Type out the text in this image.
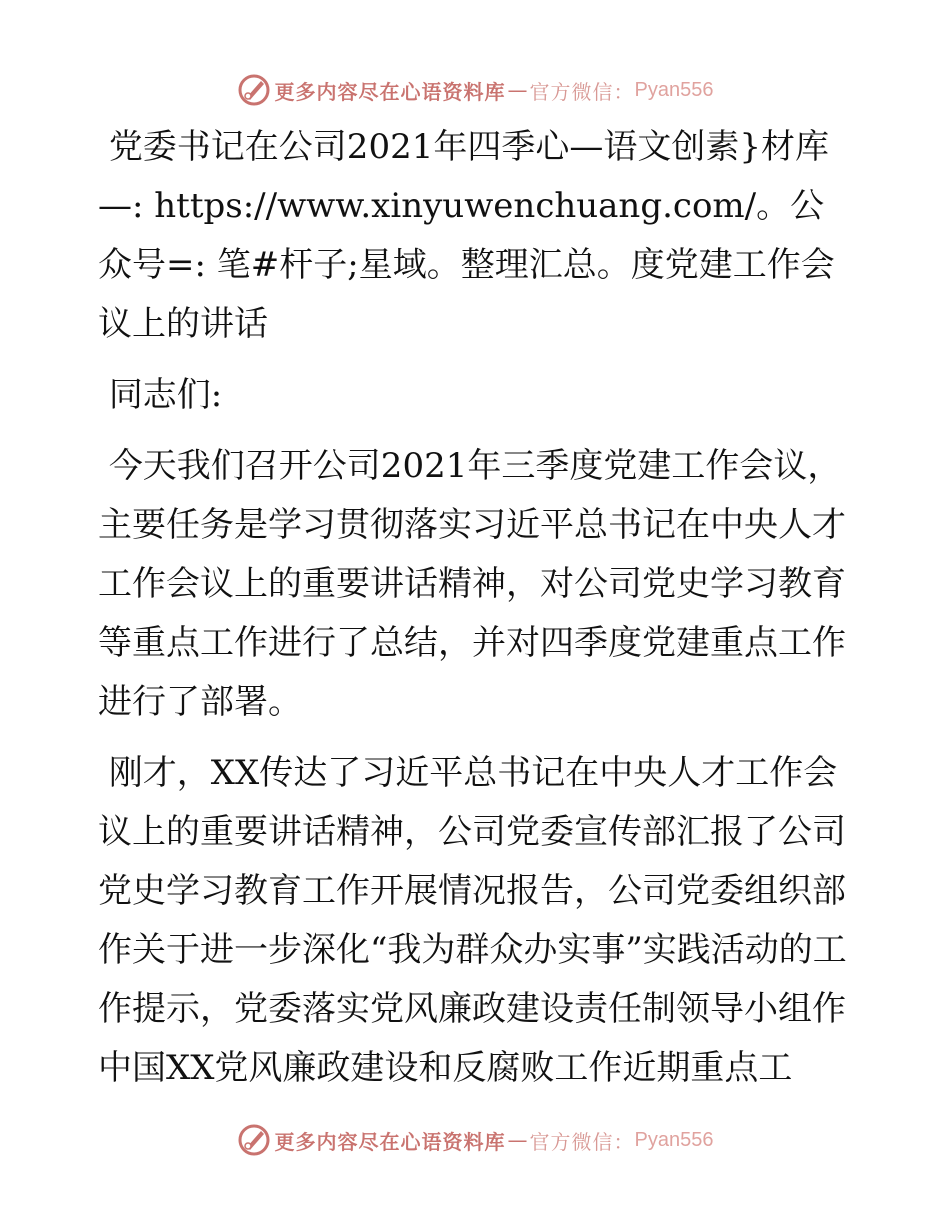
更多内容尽在心语资料库 — 官方微信： Pyan556

党委书记在公司2021年四季心—语文创素}材库—: https://www.xinyuwenchuang.com/。公众号=: 笔#杆子;星域。整理汇总。度党建工作会议上的讲话

同志们:

今天我们召开公司2021年三季度党建工作会议，主要任务是学习贯彻落实习近平总书记在中央人才工作会议上的重要讲话精神，对公司党史学习教育等重点工作进行了总结，并对四季度党建重点工作进行了部署。

刚才，XX传达了习近平总书记在中央人才工作会议上的重要讲话精神，公司党委宣传部汇报了公司党史学习教育工作开展情况报告，公司党委组织部作关于进一步深化“我为群众办实事”实践活动的工作提示，党委落实党风廉政建设责任制领导小组作中国XX党风廉政建设和反腐败工作近期重点工

更多内容尽在心语资料库 — 官方微信： Pyan556
